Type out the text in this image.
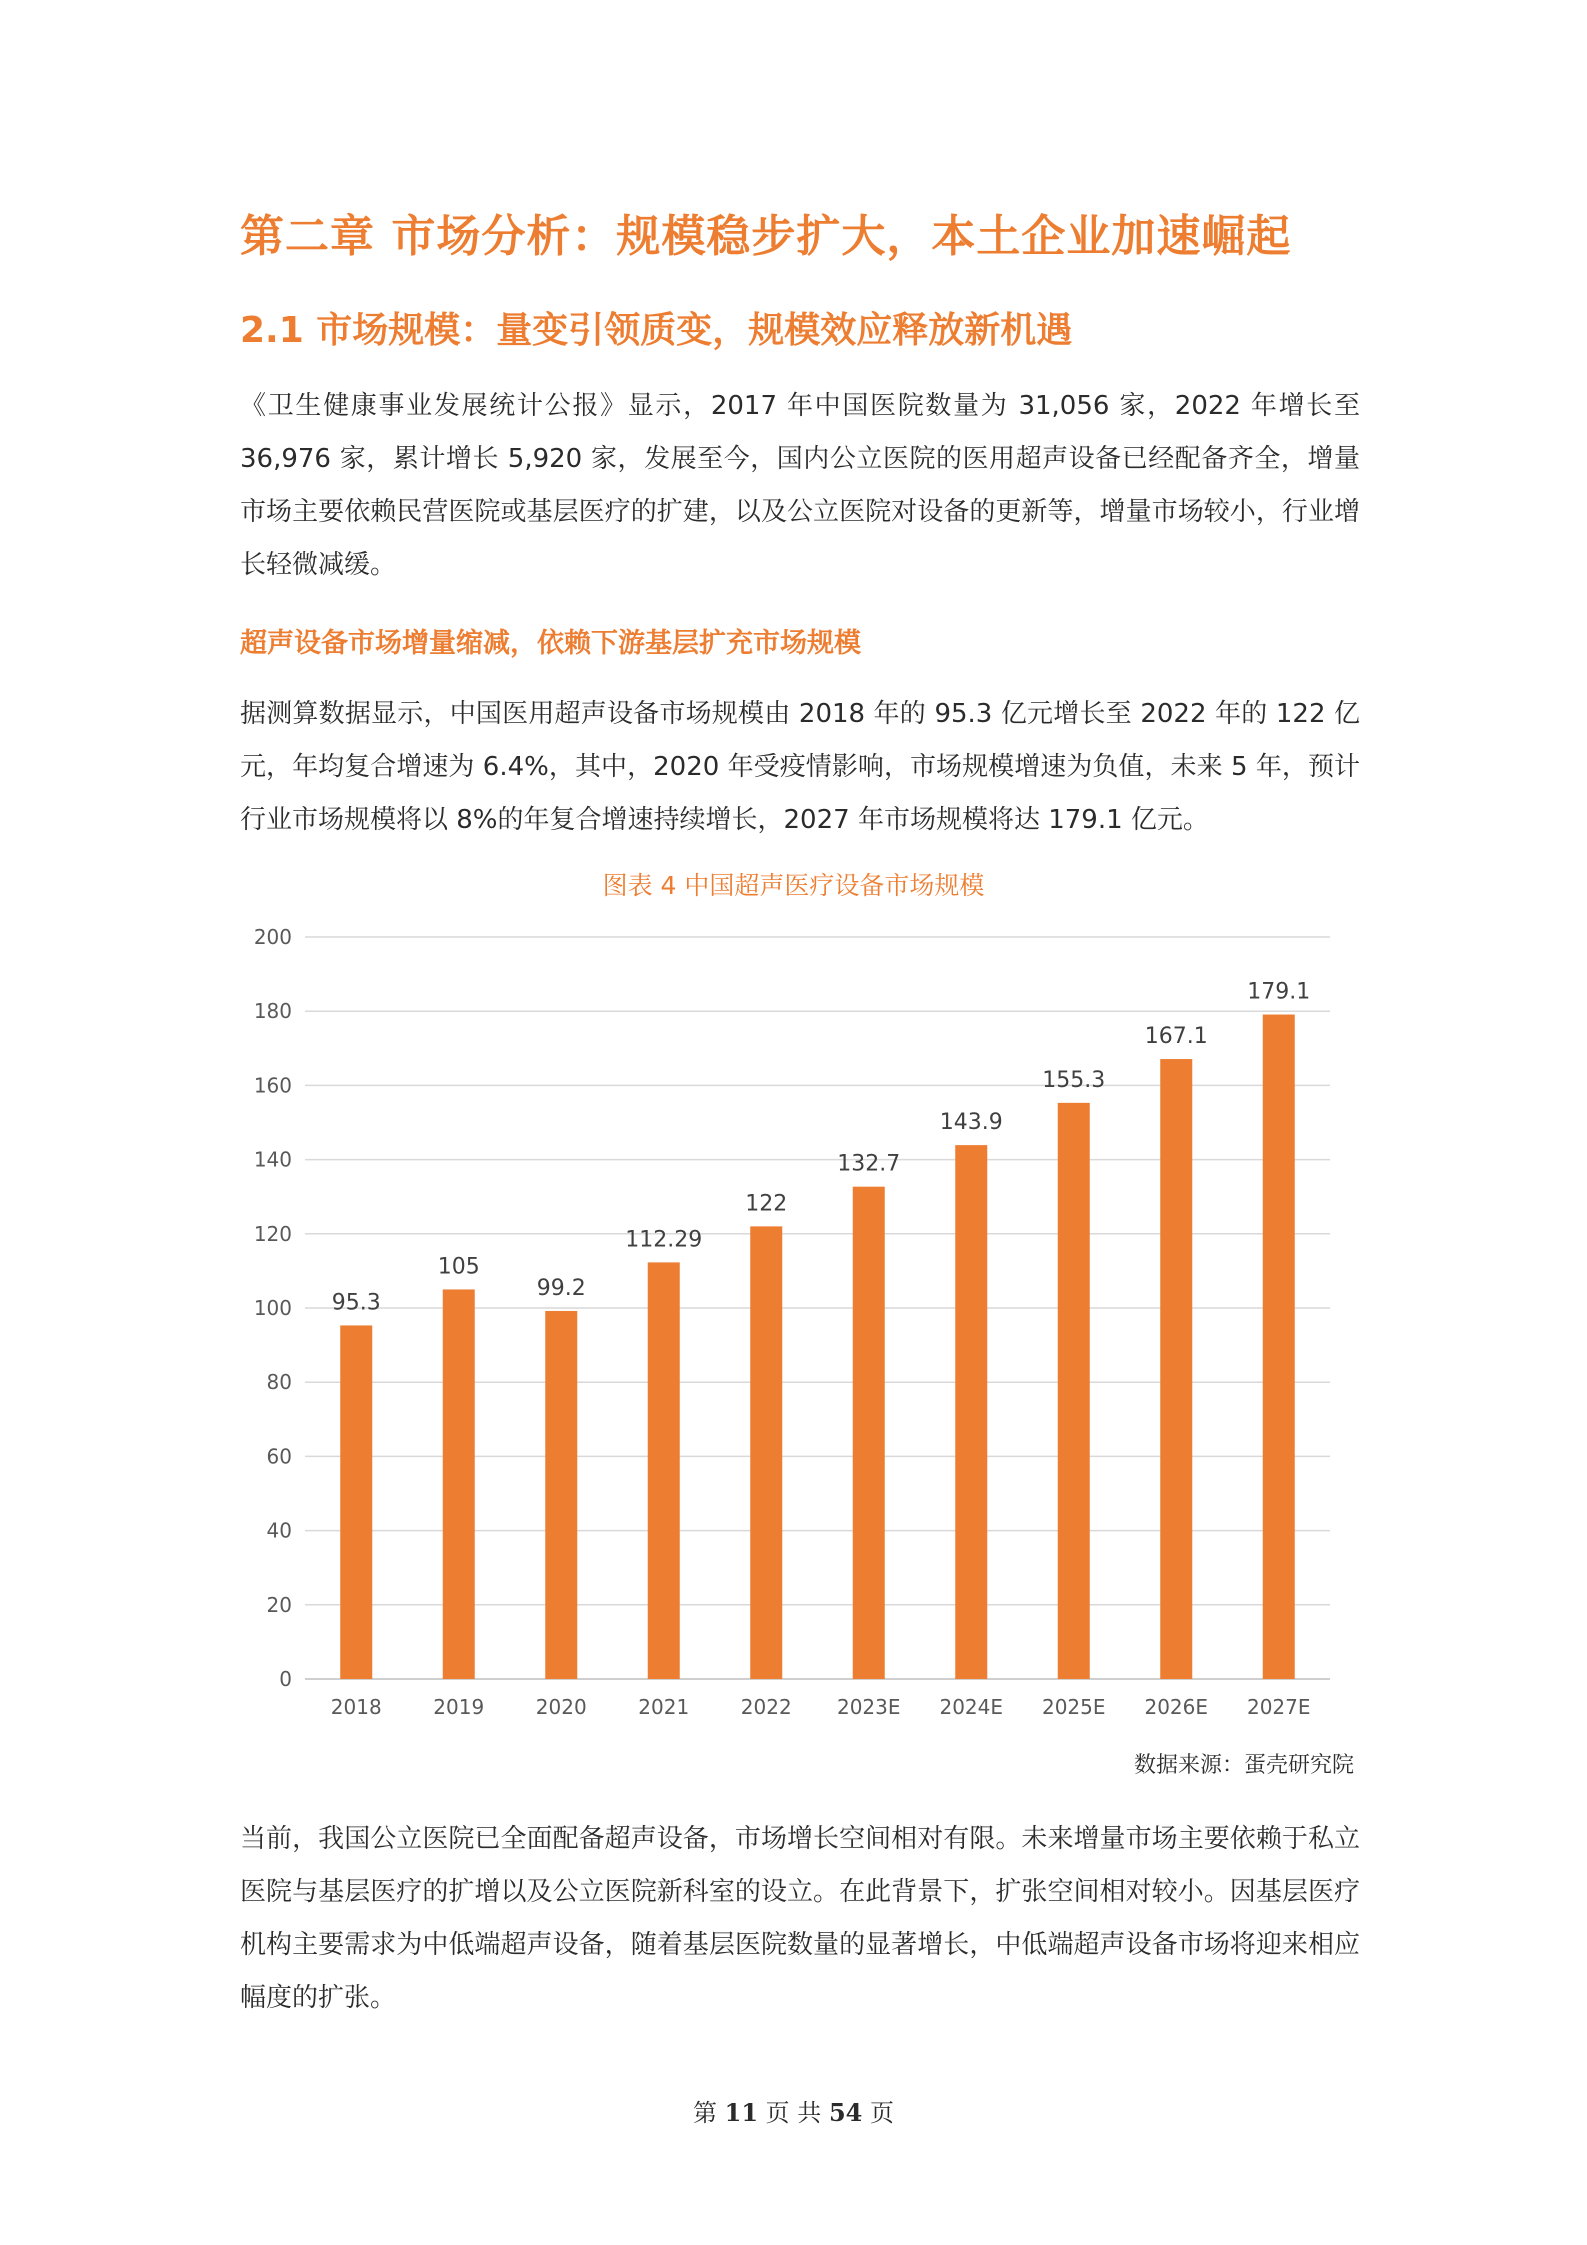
第二章 市场分析：规模稳步扩大，本土企业加速崛起
2.1 市场规模：量变引领质变，规模效应释放新机遇

《卫生健康事业发展统计公报》显示，2017 年中国医院数量为 31,056 家，2022 年增长至 36,976 家，累计增长 5,920 家，发展至今，国内公立医院的医用超声设备已经配备齐全，增量市场主要依赖民营医院或基层医疗的扩建，以及公立医院对设备的更新等，增量市场较小，行业增长轻微减缓。

超声设备市场增量缩减，依赖下游基层扩充市场规模

据测算数据显示，中国医用超声设备市场规模由 2018 年的 95.3 亿元增长至 2022 年的 122 亿元，年均复合增速为 6.4%，其中，2020 年受疫情影响，市场规模增速为负值，未来 5 年，预计行业市场规模将以 8%的年复合增速持续增长，2027 年市场规模将达 179.1 亿元。

图表 4 中国超声医疗设备市场规模
0
20
40
60
80
100
120
140
160
180
200
95.3
2018
105
2019
99.2
2020
112.29
2021
122
2022
132.7
2023E
143.9
2024E
155.3
2025E
167.1
2026E
179.1
2027E
数据来源：蛋壳研究院

当前，我国公立医院已全面配备超声设备，市场增长空间相对有限。未来增量市场主要依赖于私立医院与基层医疗的扩增以及公立医院新科室的设立。在此背景下，扩张空间相对较小。因基层医疗机构主要需求为中低端超声设备，随着基层医院数量的显著增长，中低端超声设备市场将迎来相应幅度的扩张。

第 11 页 共 54 页
